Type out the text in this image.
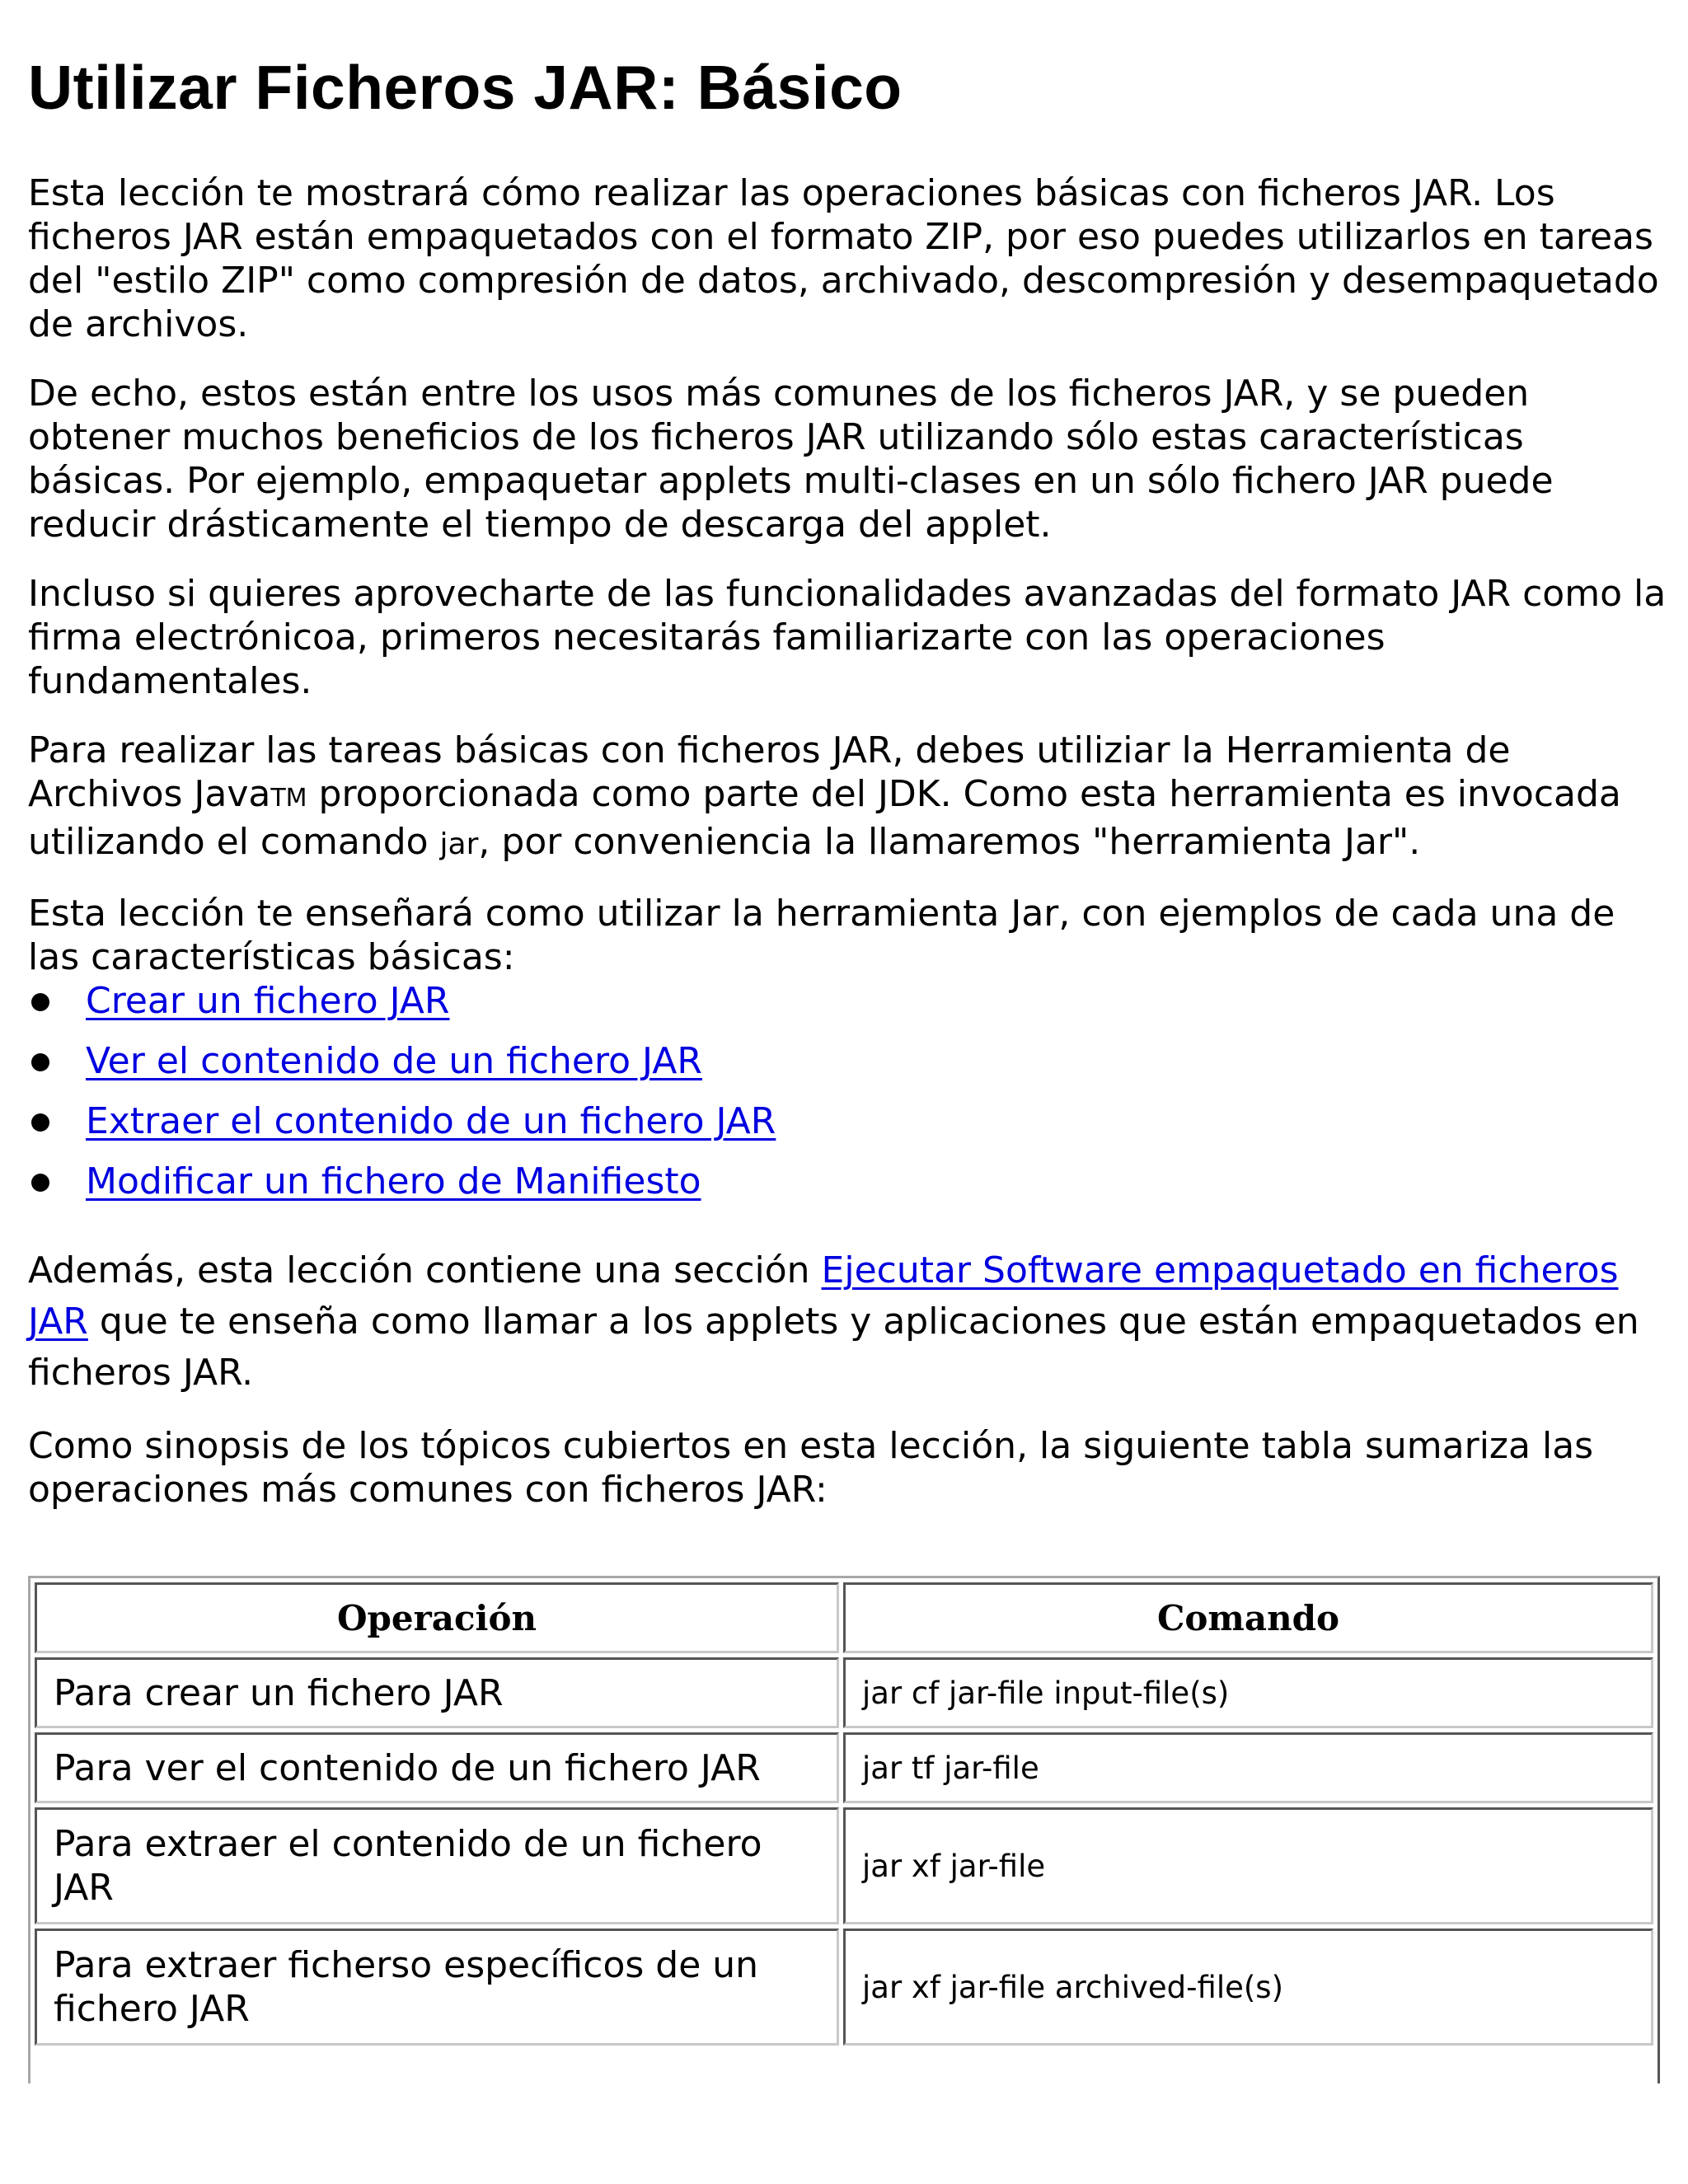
Utilizar Ficheros JAR: Básico

Esta lección te mostrará cómo realizar las operaciones básicas con ficheros JAR. Los ficheros JAR están empaquetados con el formato ZIP, por eso puedes utilizarlos en tareas del "estilo ZIP" como compresión de datos, archivado, descompresión y desempaquetado de archivos.

De echo, estos están entre los usos más comunes de los ficheros JAR, y se pueden obtener muchos beneficios de los ficheros JAR utilizando sólo estas características básicas. Por ejemplo, empaquetar applets multi-clases en un sólo fichero JAR puede reducir drásticamente el tiempo de descarga del applet.

Incluso si quieres aprovecharte de las funcionalidades avanzadas del formato JAR como la firma electrónicoa, primeros necesitarás familiarizarte con las operaciones fundamentales.

Para realizar las tareas básicas con ficheros JAR, debes utiliziar la Herramienta de Archivos JavaTM proporcionada como parte del JDK. Como esta herramienta es invocada utilizando el comando jar, por conveniencia la llamaremos "herramienta Jar".

Esta lección te enseñará como utilizar la herramienta Jar, con ejemplos de cada una de las características básicas:

Crear un fichero JAR
Ver el contenido de un fichero JAR
Extraer el contenido de un fichero JAR
Modificar un fichero de Manifiesto

Además, esta lección contiene una sección Ejecutar Software empaquetado en ficheros JAR que te enseña como llamar a los applets y aplicaciones que están empaquetados en ficheros JAR.

Como sinopsis de los tópicos cubiertos en esta lección, la siguiente tabla sumariza las operaciones más comunes con ficheros JAR:

Operación	Comando
Para crear un fichero JAR	jar cf jar-file input-file(s)
Para ver el contenido de un fichero JAR	jar tf jar-file
Para extraer el contenido de un fichero JAR	jar xf jar-file
Para extraer ficherso específicos de un fichero JAR	jar xf jar-file archived-file(s)
